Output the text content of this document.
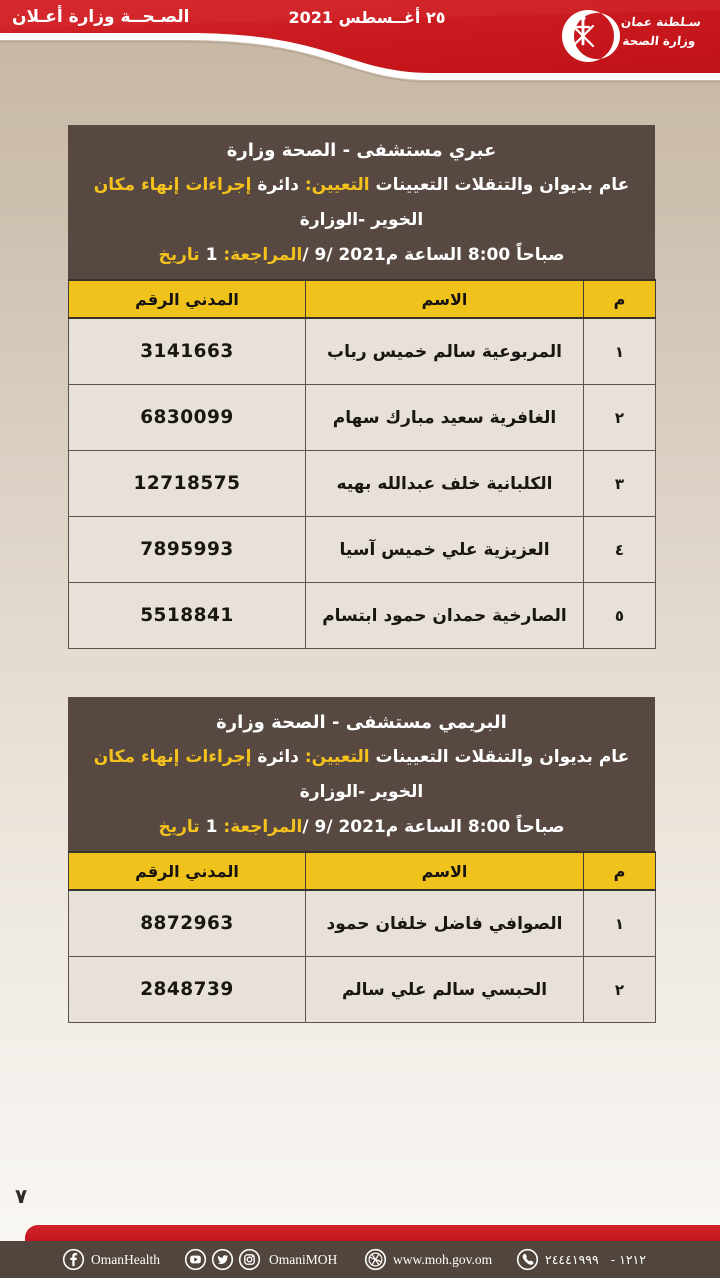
أعـلان‎ وزارة‎ الصـحــة	٢٥ أغــسطس 2021	سـلطنة عمان
وزارة الصحة
وزارة‎ الصحة‎ -‎ مستشفى‎ عبري
مكان‎ إنهاء‎ إجراءات‎ التعيين: دائرة‎ التعيينات‎ والتنقلات‎ بديوان‎ عام
الوزارة-‎ الخوير
تاريخ‎ المراجعة: 1/‎ 9/‎ 2021م‎ الساعة‎ 8:00‎ صباحاً
الرقم‎ المدني	الاسم	م
3141663	رباب‎ خميس‎ سالم‎ المربوعية	١
6830099	سهام‎ مبارك‎ سعيد‎ الغافرية	٢
12718575	بهيه‎ عبدالله‎ خلف‎ الكلبانية	٣
7895993	آسيا‎ خميس‎ علي‎ العزيزية	٤
5518841	ابتسام‎ حمود‎ حمدان‎ الصارخية	٥
وزارة‎ الصحة‎ -‎ مستشفى‎ البريمي
مكان‎ إنهاء‎ إجراءات‎ التعيين: دائرة‎ التعيينات‎ والتنقلات‎ بديوان‎ عام
الوزارة-‎ الخوير
تاريخ‎ المراجعة: 1/‎ 9/‎ 2021م‎ الساعة‎ 8:00‎ صباحاً
الرقم‎ المدني	الاسم	م
8872963	حمود‎ خلفان‎ فاضل‎ الصوافي	١
2848739	سالم‎ علي‎ سالم‎ الحبسي	٢
٧
OmanHealth	OmaniMOH	www.moh.gov.om	١٢١٢ -   ٢٤٤٤١٩٩٩
